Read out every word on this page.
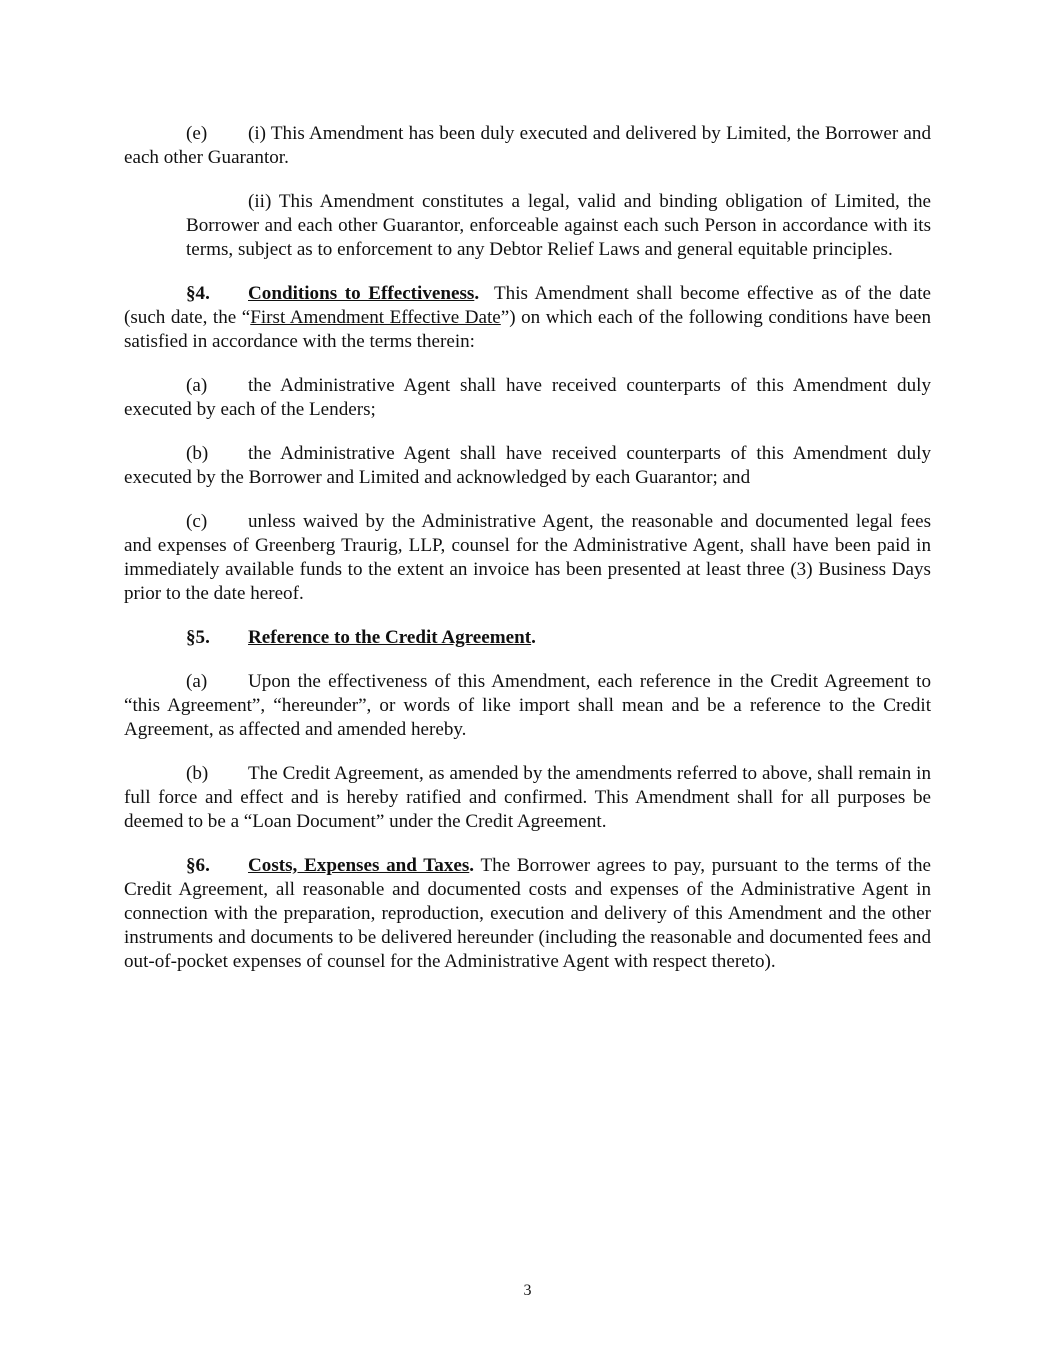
(e) (i) This Amendment has been duly executed and delivered by Limited, the Borrower and each other Guarantor.

(ii) This Amendment constitutes a legal, valid and binding obligation of Limited, the Borrower and each other Guarantor, enforceable against each such Person in accordance with its terms, subject as to enforcement to any Debtor Relief Laws and general equitable principles.

§4. Conditions to Effectiveness. This Amendment shall become effective as of the date (such date, the “First Amendment Effective Date”) on which each of the following conditions have been satisfied in accordance with the terms therein:

(a) the Administrative Agent shall have received counterparts of this Amendment duly executed by each of the Lenders;

(b) the Administrative Agent shall have received counterparts of this Amendment duly executed by the Borrower and Limited and acknowledged by each Guarantor; and

(c) unless waived by the Administrative Agent, the reasonable and documented legal fees and expenses of Greenberg Traurig, LLP, counsel for the Administrative Agent, shall have been paid in immediately available funds to the extent an invoice has been presented at least three (3) Business Days prior to the date hereof.

§5. Reference to the Credit Agreement.

(a) Upon the effectiveness of this Amendment, each reference in the Credit Agreement to “this Agreement”, “hereunder”, or words of like import shall mean and be a reference to the Credit Agreement, as affected and amended hereby.

(b) The Credit Agreement, as amended by the amendments referred to above, shall remain in full force and effect and is hereby ratified and confirmed. This Amendment shall for all purposes be deemed to be a “Loan Document” under the Credit Agreement.

§6. Costs, Expenses and Taxes. The Borrower agrees to pay, pursuant to the terms of the Credit Agreement, all reasonable and documented costs and expenses of the Administrative Agent in connection with the preparation, reproduction, execution and delivery of this Amendment and the other instruments and documents to be delivered hereunder (including the reasonable and documented fees and out-of-pocket expenses of counsel for the Administrative Agent with respect thereto).

3
